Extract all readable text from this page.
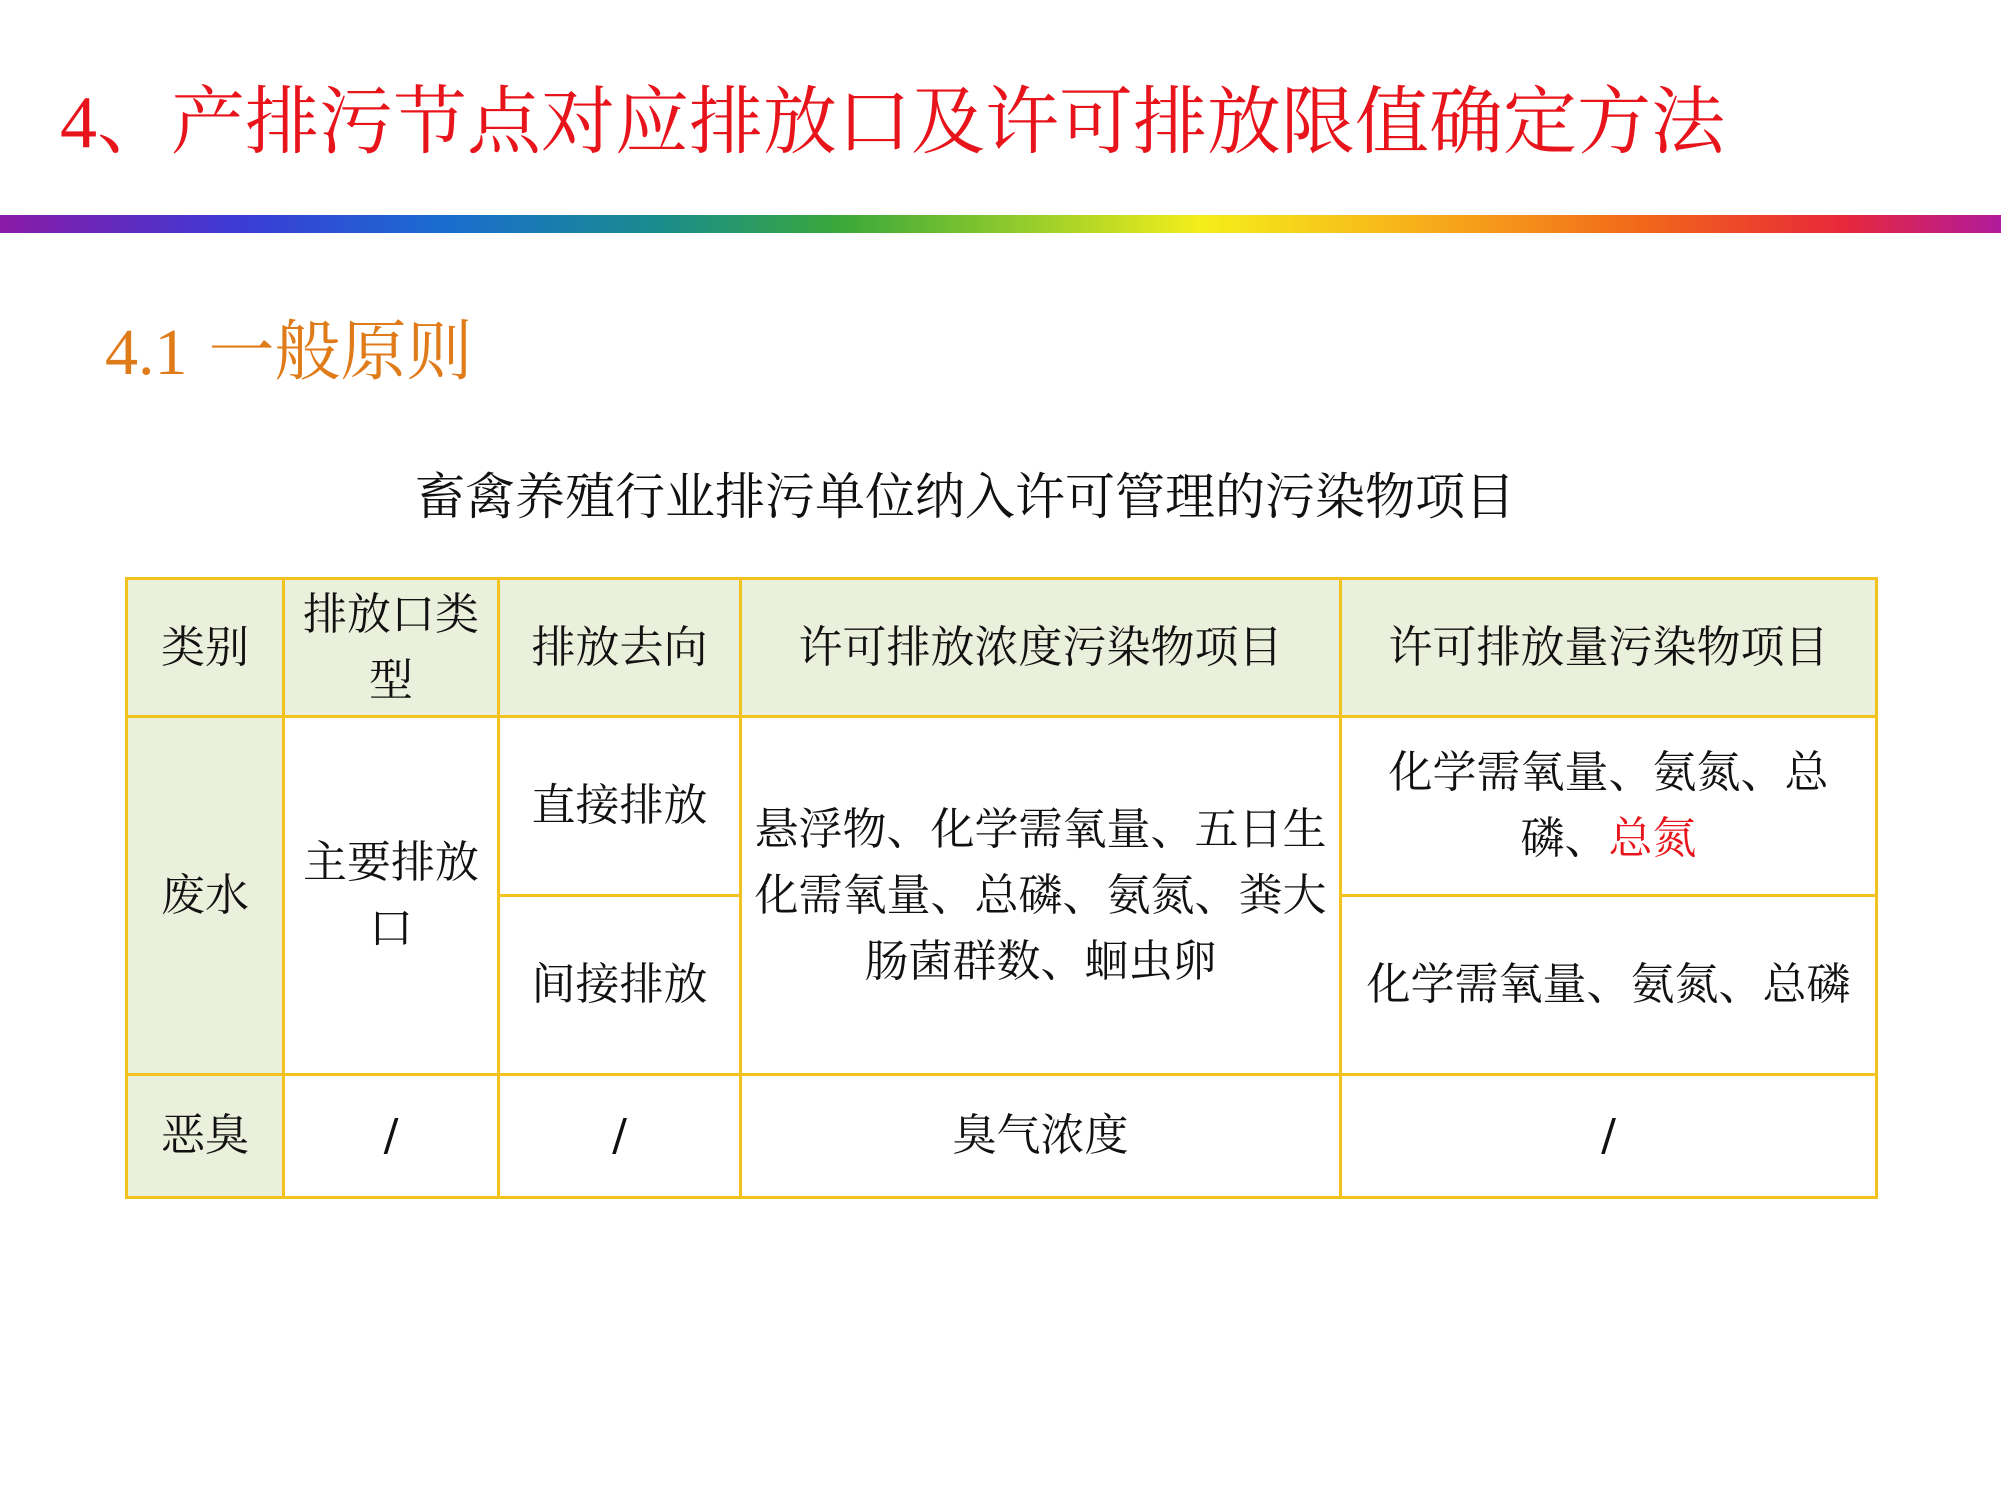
4、产排污节点对应排放口及许可排放限值确定方法
4.1 一般原则
畜禽养殖行业排污单位纳入许可管理的污染物项目
类别	排放口类型	排放去向	许可排放浓度污染物项目	许可排放量污染物项目
废水	主要排放口	直接排放	悬浮物、化学需氧量、五日生化需氧量、总磷、氨氮、粪大肠菌群数、蛔虫卵	化学需氧量、氨氮、总磷、总氮
		间接排放		化学需氧量、氨氮、总磷
恶臭	/	/	臭气浓度	/
